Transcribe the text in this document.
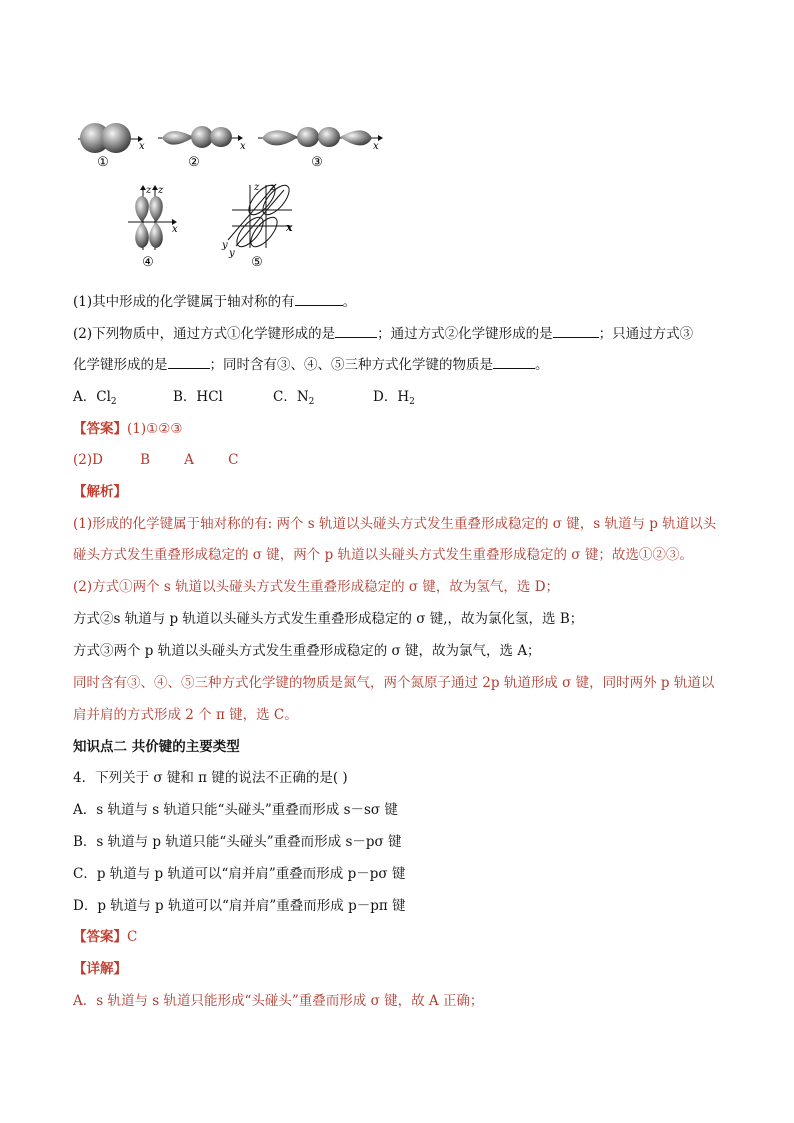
x	x	x
①	②	③
z z
x
④
x
z z
y
y
⑤
(1)其中形成的化学键属于轴对称的有	。
(2)下列物质中，通过方式①化学键形成的是	；通过方式②化学键形成的是	；只通过方式③
化学键形成的是	；同时含有③、④、⑤三种方式化学键的物质是	。
A．$Cl_2$	B．HCl	C．$N_2$	D．$H_2$
【答案】(1)①②③
(2)D	B	A	C
【解析】
(1)形成的化学键属于轴对称的有: 两个 s 轨道以头碰头方式发生重叠形成稳定的 σ 键，s 轨道与 p 轨道以头
碰头方式发生重叠形成稳定的 σ 键，两个 p 轨道以头碰头方式发生重叠形成稳定的 σ 键；故选①②③。
(2)方式①两个 s 轨道以头碰头方式发生重叠形成稳定的 σ 键，故为氢气，选 D；
方式②s 轨道与 p 轨道以头碰头方式发生重叠形成稳定的 σ 键,，故为氯化氢，选 B；
方式③两个 p 轨道以头碰头方式发生重叠形成稳定的 σ 键，故为氯气，选 A；
同时含有③、④、⑤三种方式化学键的物质是氮气，两个氮原子通过 2p 轨道形成 σ 键，同时两外 p 轨道以
肩并肩的方式形成 2 个 π 键，选 C。
知识点二 共价键的主要类型
4．下列关于 σ 键和 π 键的说法不正确的是( )
A．s 轨道与 s 轨道只能“头碰头”重叠而形成 s－sσ 键
B．s 轨道与 p 轨道只能“头碰头”重叠而形成 s－pσ 键
C．p 轨道与 p 轨道可以“肩并肩”重叠而形成 p－pσ 键
D．p 轨道与 p 轨道可以“肩并肩”重叠而形成 p－pπ 键
【答案】C
【详解】
A．s 轨道与 s 轨道只能形成“头碰头”重叠而形成 σ 键，故 A 正确；
